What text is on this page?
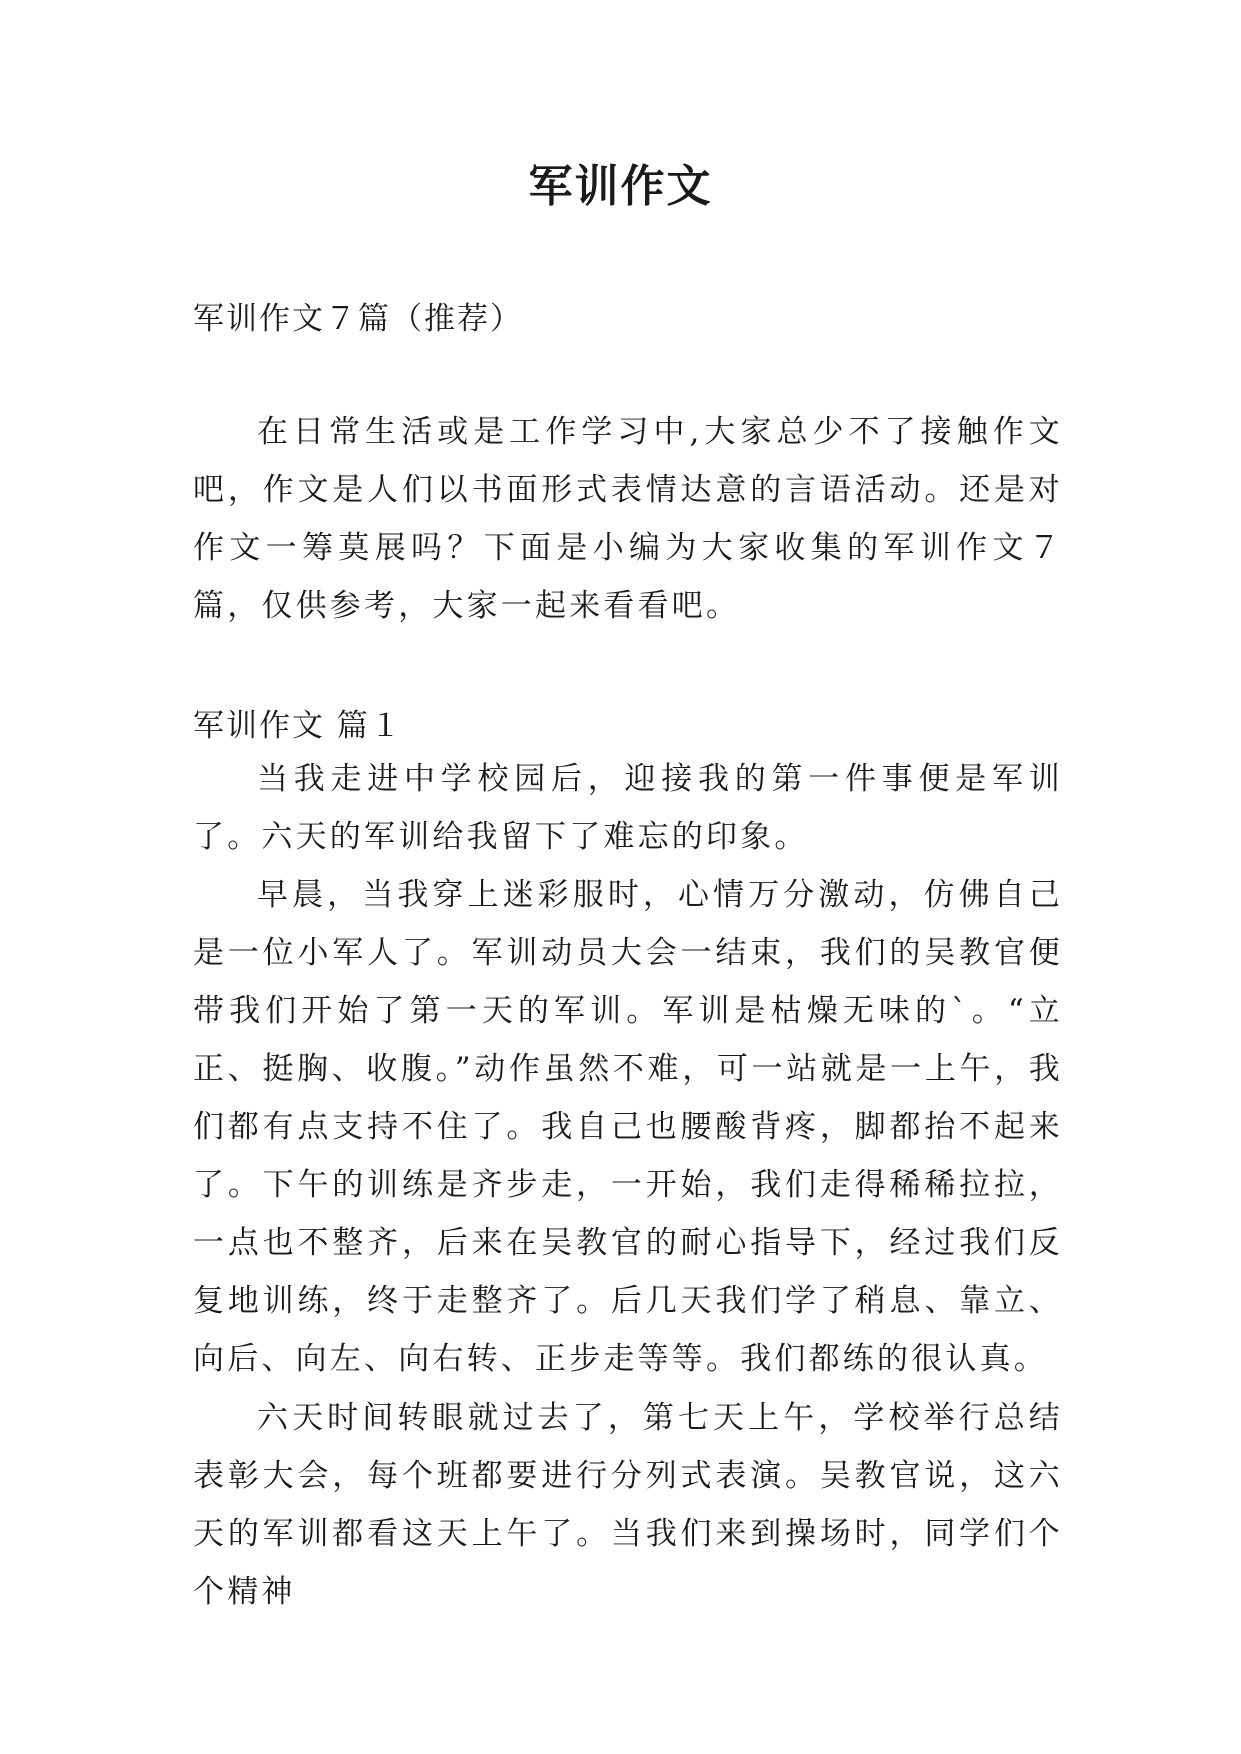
军训作文

军训作文７篇（推荐）

在日常生活或是工作学习中,大家总少不了接触作文吧，作文是人们以书面形式表情达意的言语活动。还是对作文一筹莫展吗？下面是小编为大家收集的军训作文７篇，仅供参考，大家一起来看看吧。

军训作文 篇１

当我走进中学校园后，迎接我的第一件事便是军训了。六天的军训给我留下了难忘的印象。

早晨，当我穿上迷彩服时，心情万分激动，仿佛自己是一位小军人了。军训动员大会一结束，我们的吴教官便带我们开始了第一天的军训。军训是枯燥无味的`。“立正、挺胸、收腹。”动作虽然不难，可一站就是一上午，我们都有点支持不住了。我自己也腰酸背疼，脚都抬不起来了。下午的训练是齐步走，一开始，我们走得稀稀拉拉，一点也不整齐，后来在吴教官的耐心指导下，经过我们反复地训练，终于走整齐了。后几天我们学了稍息、靠立、向后、向左、向右转、正步走等等。我们都练的很认真。

六天时间转眼就过去了，第七天上午，学校举行总结表彰大会，每个班都要进行分列式表演。吴教官说，这六天的军训都看这天上午了。当我们来到操场时，同学们个个精神
